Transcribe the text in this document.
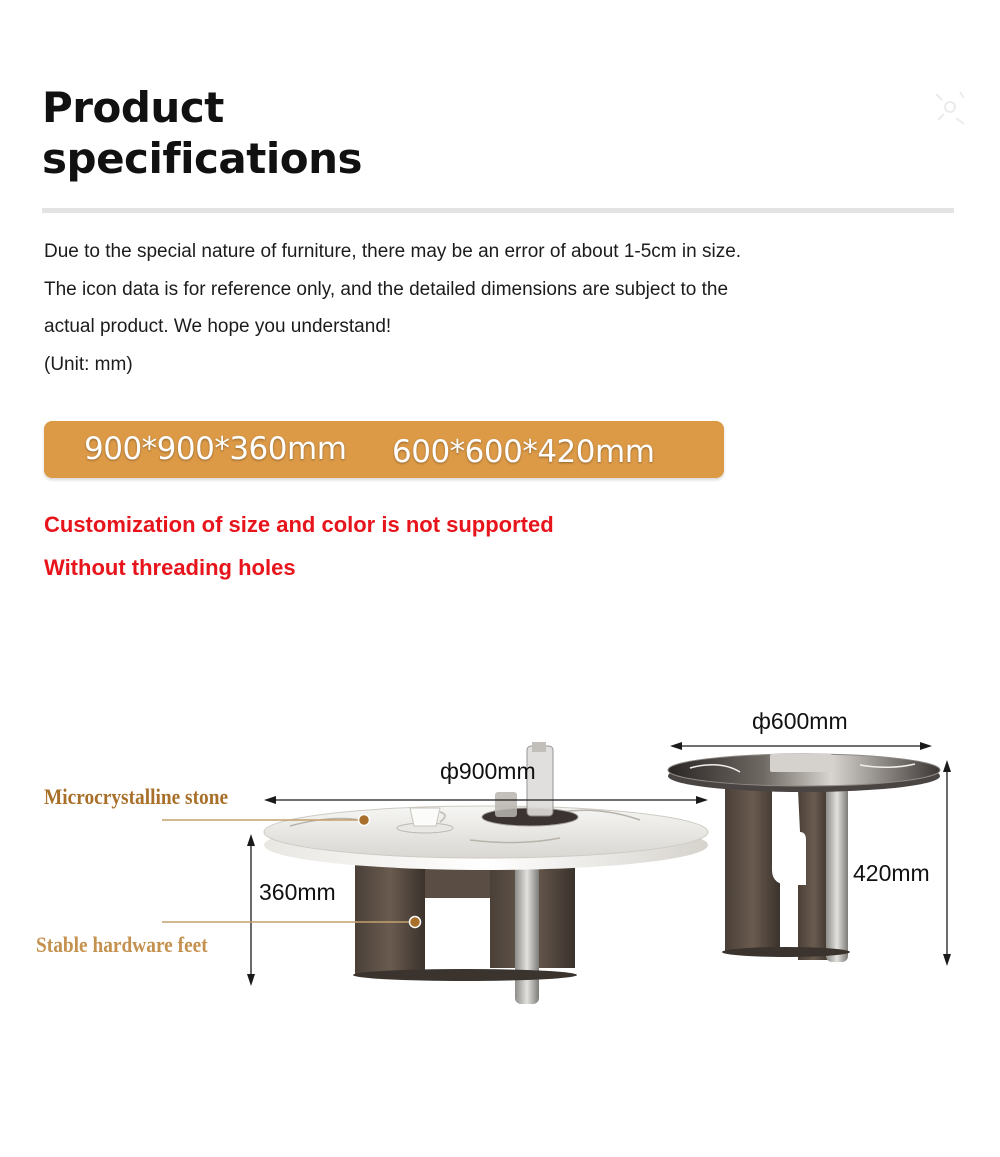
Product
specifications
Due to the special nature of furniture, there may be an error of about 1-5cm in size.
The icon data is for reference only, and the detailed dimensions are subject to the
actual product. We hope you understand!
(Unit: mm)
900*900*360mm 600*600*420mm
Customization of size and color is not supported
Without threading holes
ф900mm
360mm
ф600mm
420mm
Microcrystalline stone
Stable hardware feet
